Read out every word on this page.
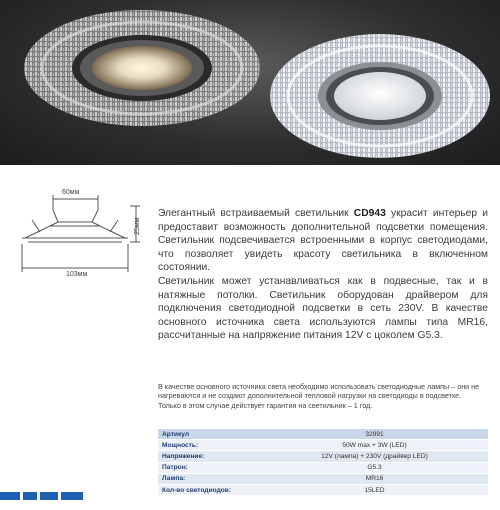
60мм
25мм
103мм

Элегантный встраиваемый светильник CD943 украсит интерьер и предоставит возможность дополнительной подсветки помещения. Светильник подсвечивается встроенными в корпус светодиодами, что позволяет увидеть красоту светильника в включенном состоянии.

Светильник может устанавливаться как в подвесные, так и в натяжные потолки. Светильник оборудован драйвером для подключения светодиодной подсветки в сеть 230V. В качестве основного источника света используются лампы типа MR16, рассчитанные на напряжение питания 12V с цоколем G5.3.

В качестве основного источника света необходимо использовать светодиодные лампы – они не нагреваются и не создают дополнительной тепловой нагрузки на светодиоды в подсветке.

Только в этом случае действует гарантия на светильник – 1 год.

Артикул	32991
Мощность:	50W max + 3W (LED)
Напряжение:	12V (лампа) + 230V (драйвер LED)
Патрон:	G5.3
Лампа:	MR16
Кол-во светодиодов:	15LED
